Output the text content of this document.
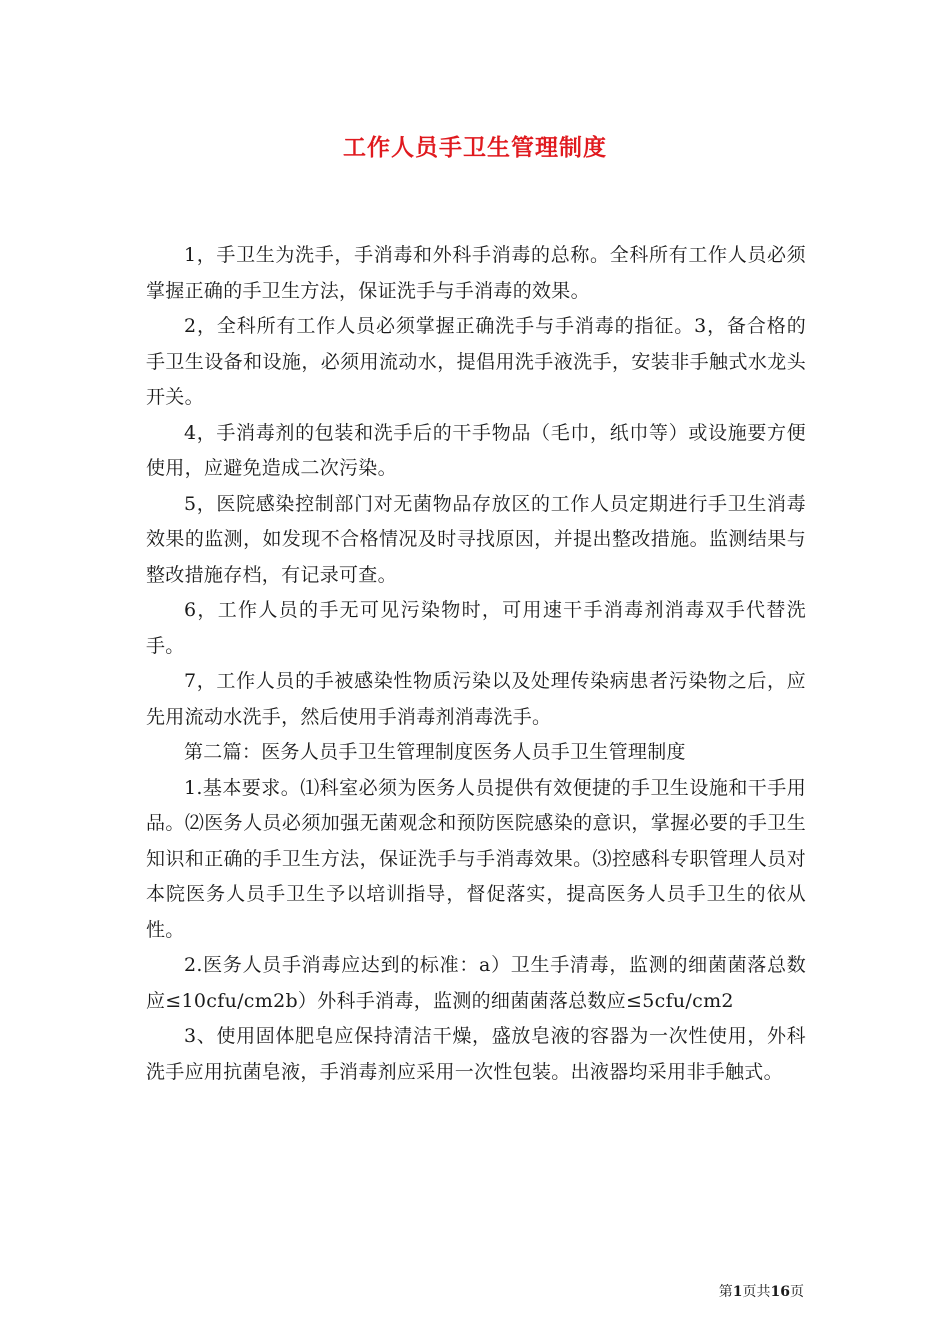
工作人员手卫生管理制度

1，手卫生为洗手，手消毒和外科手消毒的总称。全科所有工作人员必须掌握正确的手卫生方法，保证洗手与手消毒的效果。

2，全科所有工作人员必须掌握正确洗手与手消毒的指征。3，备合格的手卫生设备和设施，必须用流动水，提倡用洗手液洗手，安装非手触式水龙头开关。

4，手消毒剂的包装和洗手后的干手物品（毛巾，纸巾等）或设施要方便使用，应避免造成二次污染。

5，医院感染控制部门对无菌物品存放区的工作人员定期进行手卫生消毒效果的监测，如发现不合格情况及时寻找原因，并提出整改措施。监测结果与整改措施存档，有记录可查。

6，工作人员的手无可见污染物时，可用速干手消毒剂消毒双手代替洗手。

7，工作人员的手被感染性物质污染以及处理传染病患者污染物之后，应先用流动水洗手，然后使用手消毒剂消毒洗手。

第二篇：医务人员手卫生管理制度医务人员手卫生管理制度

1.基本要求。⑴科室必须为医务人员提供有效便捷的手卫生设施和干手用品。⑵医务人员必须加强无菌观念和预防医院感染的意识，掌握必要的手卫生知识和正确的手卫生方法，保证洗手与手消毒效果。⑶控感科专职管理人员对本院医务人员手卫生予以培训指导，督促落实，提高医务人员手卫生的依从性。

2.医务人员手消毒应达到的标准：a）卫生手清毒，监测的细菌菌落总数应≤10cfu/cm2b）外科手消毒，监测的细菌菌落总数应≤5cfu/cm2

3、使用固体肥皂应保持清洁干燥，盛放皂液的容器为一次性使用，外科洗手应用抗菌皂液，手消毒剂应采用一次性包装。出液器均采用非手触式。

第1页共16页
